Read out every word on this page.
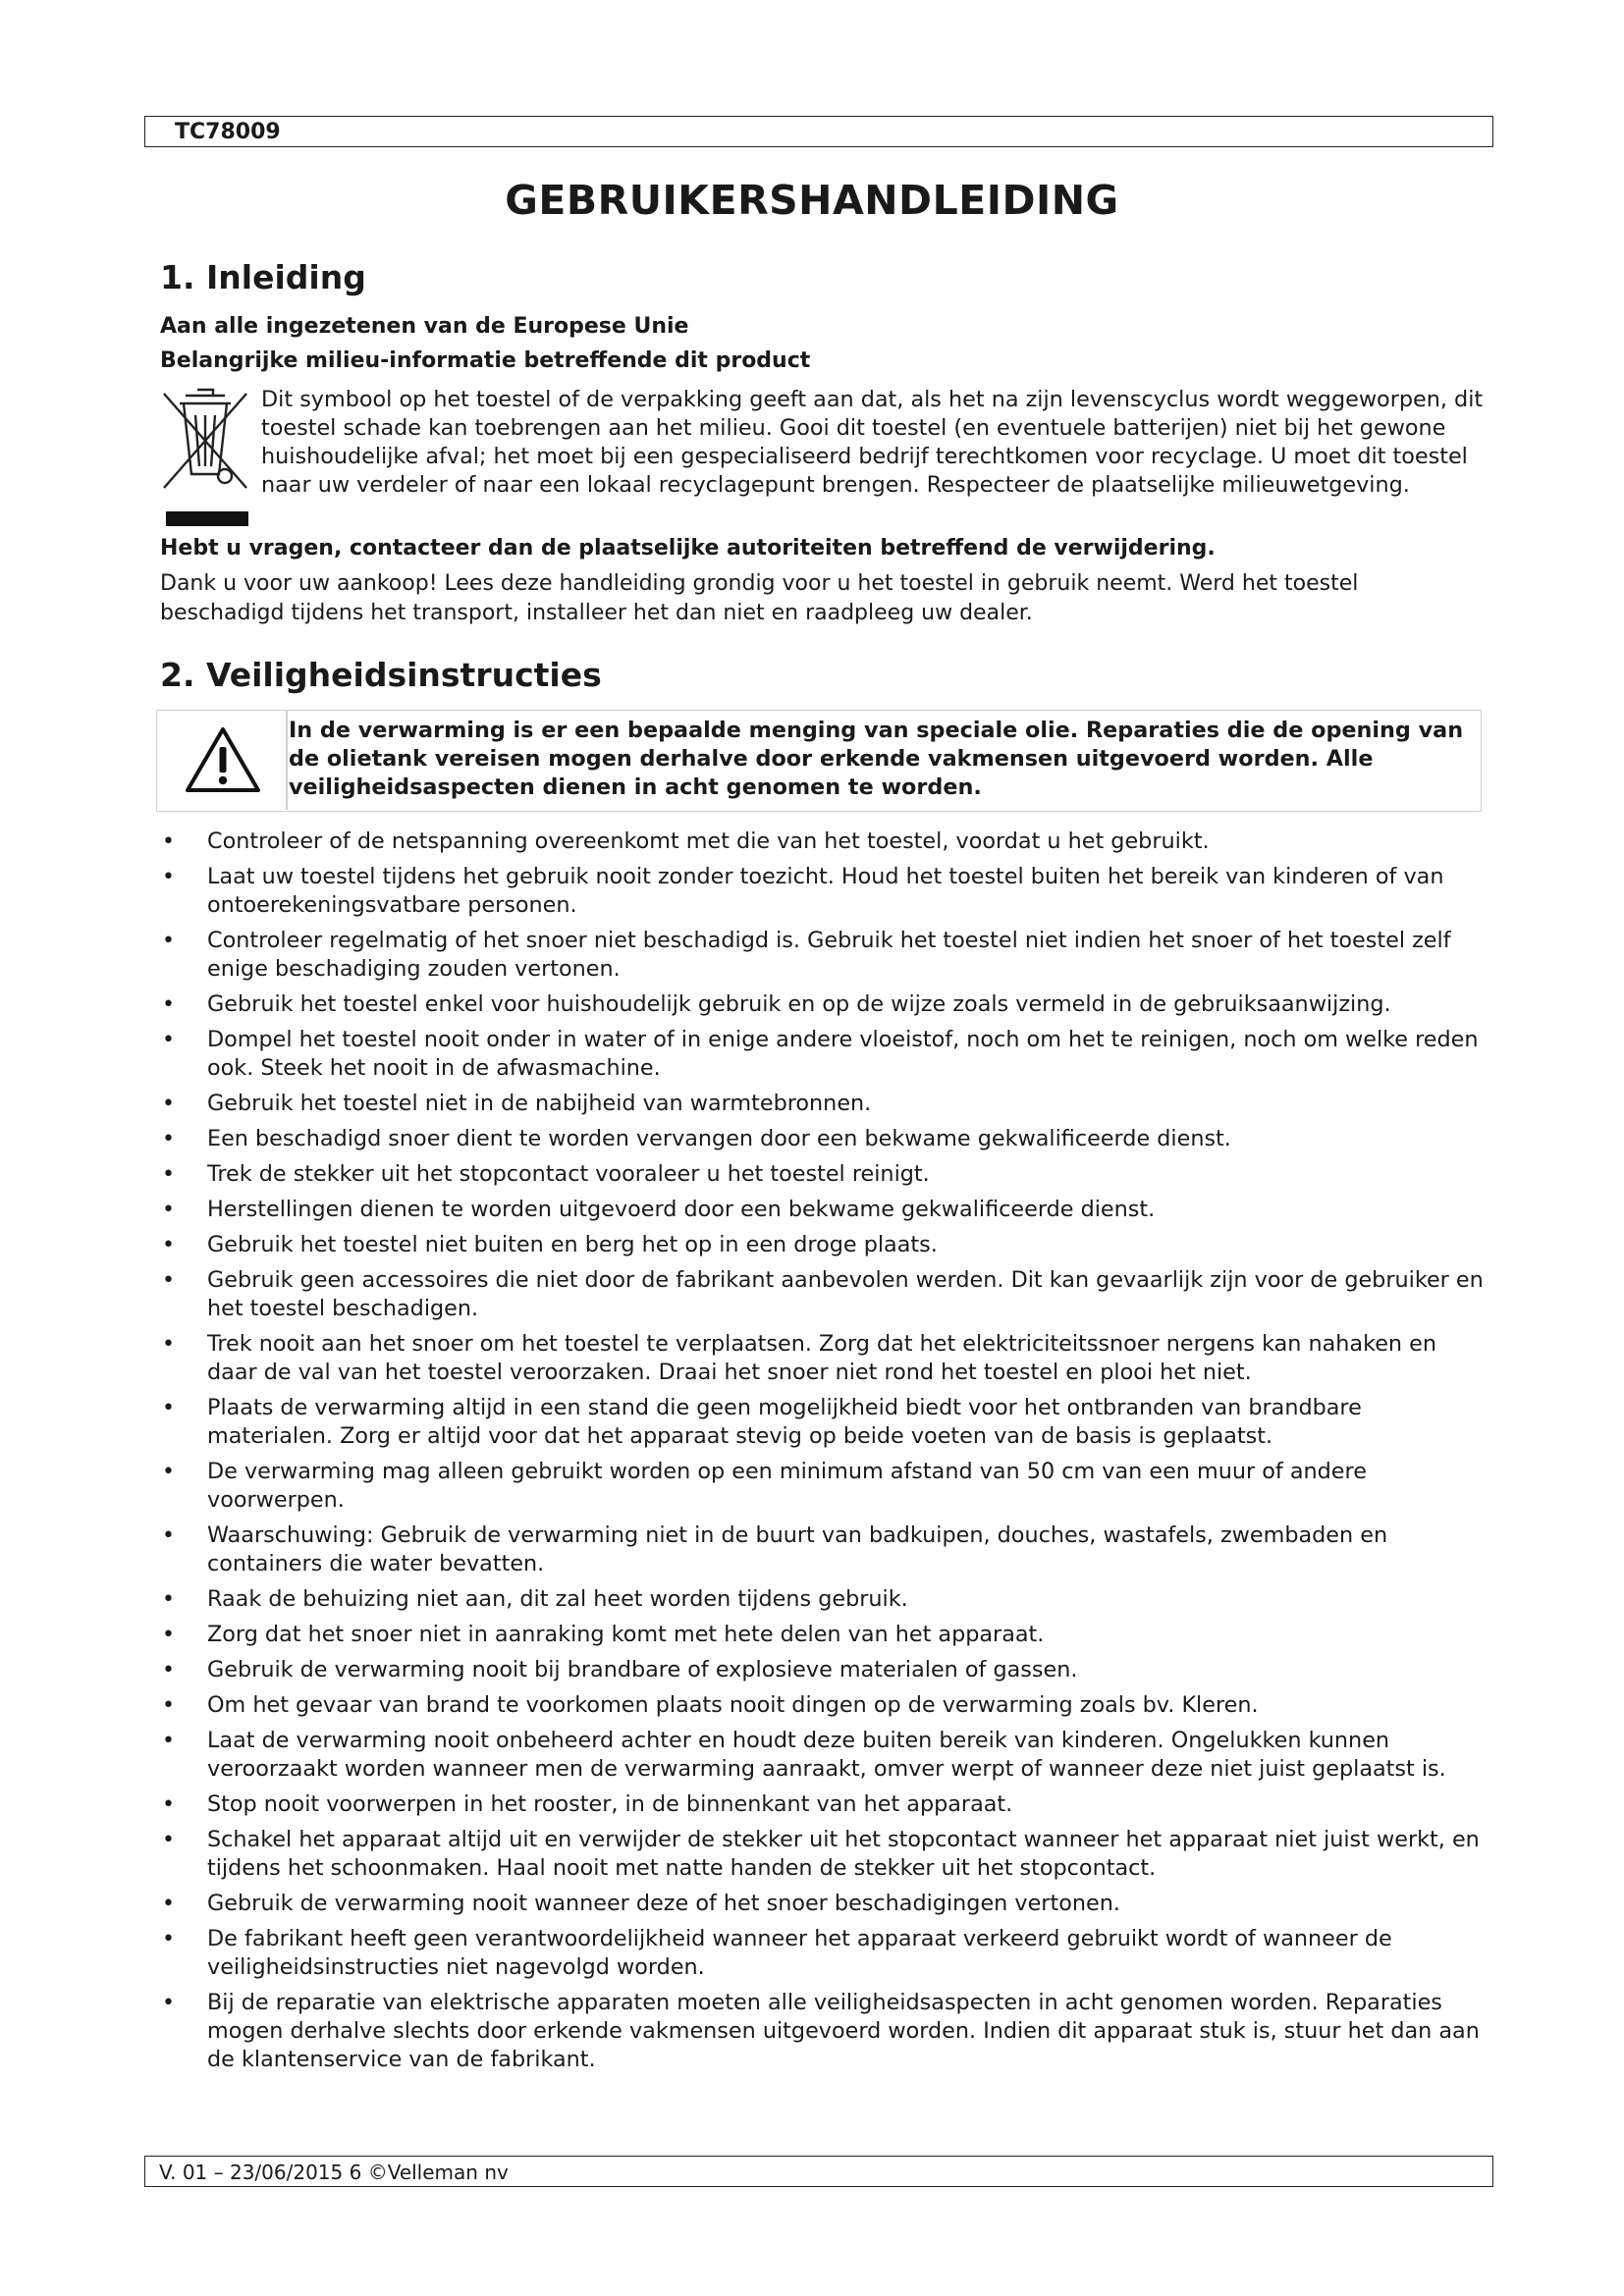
TC78009
GEBRUIKERSHANDLEIDING
1. Inleiding

Aan alle ingezetenen van de Europese Unie

Belangrijke milieu-informatie betreffende dit product

Dit symbool op het toestel of de verpakking geeft aan dat, als het na zijn levenscyclus wordt weggeworpen, dit toestel schade kan toebrengen aan het milieu. Gooi dit toestel (en eventuele batterijen) niet bij het gewone huishoudelijke afval; het moet bij een gespecialiseerd bedrijf terechtkomen voor recyclage. U moet dit toestel naar uw verdeler of naar een lokaal recyclagepunt brengen. Respecteer de plaatselijke milieuwetgeving.

Hebt u vragen, contacteer dan de plaatselijke autoriteiten betreffend de verwijdering.

Dank u voor uw aankoop! Lees deze handleiding grondig voor u het toestel in gebruik neemt. Werd het toestel beschadigd tijdens het transport, installeer het dan niet en raadpleeg uw dealer.

2. Veiligheidsinstructies

In de verwarming is er een bepaalde menging van speciale olie. Reparaties die de opening van de olietank vereisen mogen derhalve door erkende vakmensen uitgevoerd worden. Alle veiligheidsaspecten dienen in acht genomen te worden.

• Controleer of de netspanning overeenkomt met die van het toestel, voordat u het gebruikt.
• Laat uw toestel tijdens het gebruik nooit zonder toezicht. Houd het toestel buiten het bereik van kinderen of van ontoerekeningsvatbare personen.
• Controleer regelmatig of het snoer niet beschadigd is. Gebruik het toestel niet indien het snoer of het toestel zelf enige beschadiging zouden vertonen.
• Gebruik het toestel enkel voor huishoudelijk gebruik en op de wijze zoals vermeld in de gebruiksaanwijzing.
• Dompel het toestel nooit onder in water of in enige andere vloeistof, noch om het te reinigen, noch om welke reden ook. Steek het nooit in de afwasmachine.
• Gebruik het toestel niet in de nabijheid van warmtebronnen.
• Een beschadigd snoer dient te worden vervangen door een bekwame gekwalificeerde dienst.
• Trek de stekker uit het stopcontact vooraleer u het toestel reinigt.
• Herstellingen dienen te worden uitgevoerd door een bekwame gekwalificeerde dienst.
• Gebruik het toestel niet buiten en berg het op in een droge plaats.
• Gebruik geen accessoires die niet door de fabrikant aanbevolen werden. Dit kan gevaarlijk zijn voor de gebruiker en het toestel beschadigen.
• Trek nooit aan het snoer om het toestel te verplaatsen. Zorg dat het elektriciteitssnoer nergens kan nahaken en daar de val van het toestel veroorzaken. Draai het snoer niet rond het toestel en plooi het niet.
• Plaats de verwarming altijd in een stand die geen mogelijkheid biedt voor het ontbranden van brandbare materialen. Zorg er altijd voor dat het apparaat stevig op beide voeten van de basis is geplaatst.
• De verwarming mag alleen gebruikt worden op een minimum afstand van 50 cm van een muur of andere voorwerpen.
• Waarschuwing: Gebruik de verwarming niet in de buurt van badkuipen, douches, wastafels, zwembaden en containers die water bevatten.
• Raak de behuizing niet aan, dit zal heet worden tijdens gebruik.
• Zorg dat het snoer niet in aanraking komt met hete delen van het apparaat.
• Gebruik de verwarming nooit bij brandbare of explosieve materialen of gassen.
• Om het gevaar van brand te voorkomen plaats nooit dingen op de verwarming zoals bv. Kleren.
• Laat de verwarming nooit onbeheerd achter en houdt deze buiten bereik van kinderen. Ongelukken kunnen veroorzaakt worden wanneer men de verwarming aanraakt, omver werpt of wanneer deze niet juist geplaatst is.
• Stop nooit voorwerpen in het rooster, in de binnenkant van het apparaat.
• Schakel het apparaat altijd uit en verwijder de stekker uit het stopcontact wanneer het apparaat niet juist werkt, en tijdens het schoonmaken. Haal nooit met natte handen de stekker uit het stopcontact.
• Gebruik de verwarming nooit wanneer deze of het snoer beschadigingen vertonen.
• De fabrikant heeft geen verantwoordelijkheid wanneer het apparaat verkeerd gebruikt wordt of wanneer de veiligheidsinstructies niet nagevolgd worden.
• Bij de reparatie van elektrische apparaten moeten alle veiligheidsaspecten in acht genomen worden. Reparaties mogen derhalve slechts door erkende vakmensen uitgevoerd worden. Indien dit apparaat stuk is, stuur het dan aan de klantenservice van de fabrikant.
V. 01 – 23/06/2015 6 ©Velleman nv
